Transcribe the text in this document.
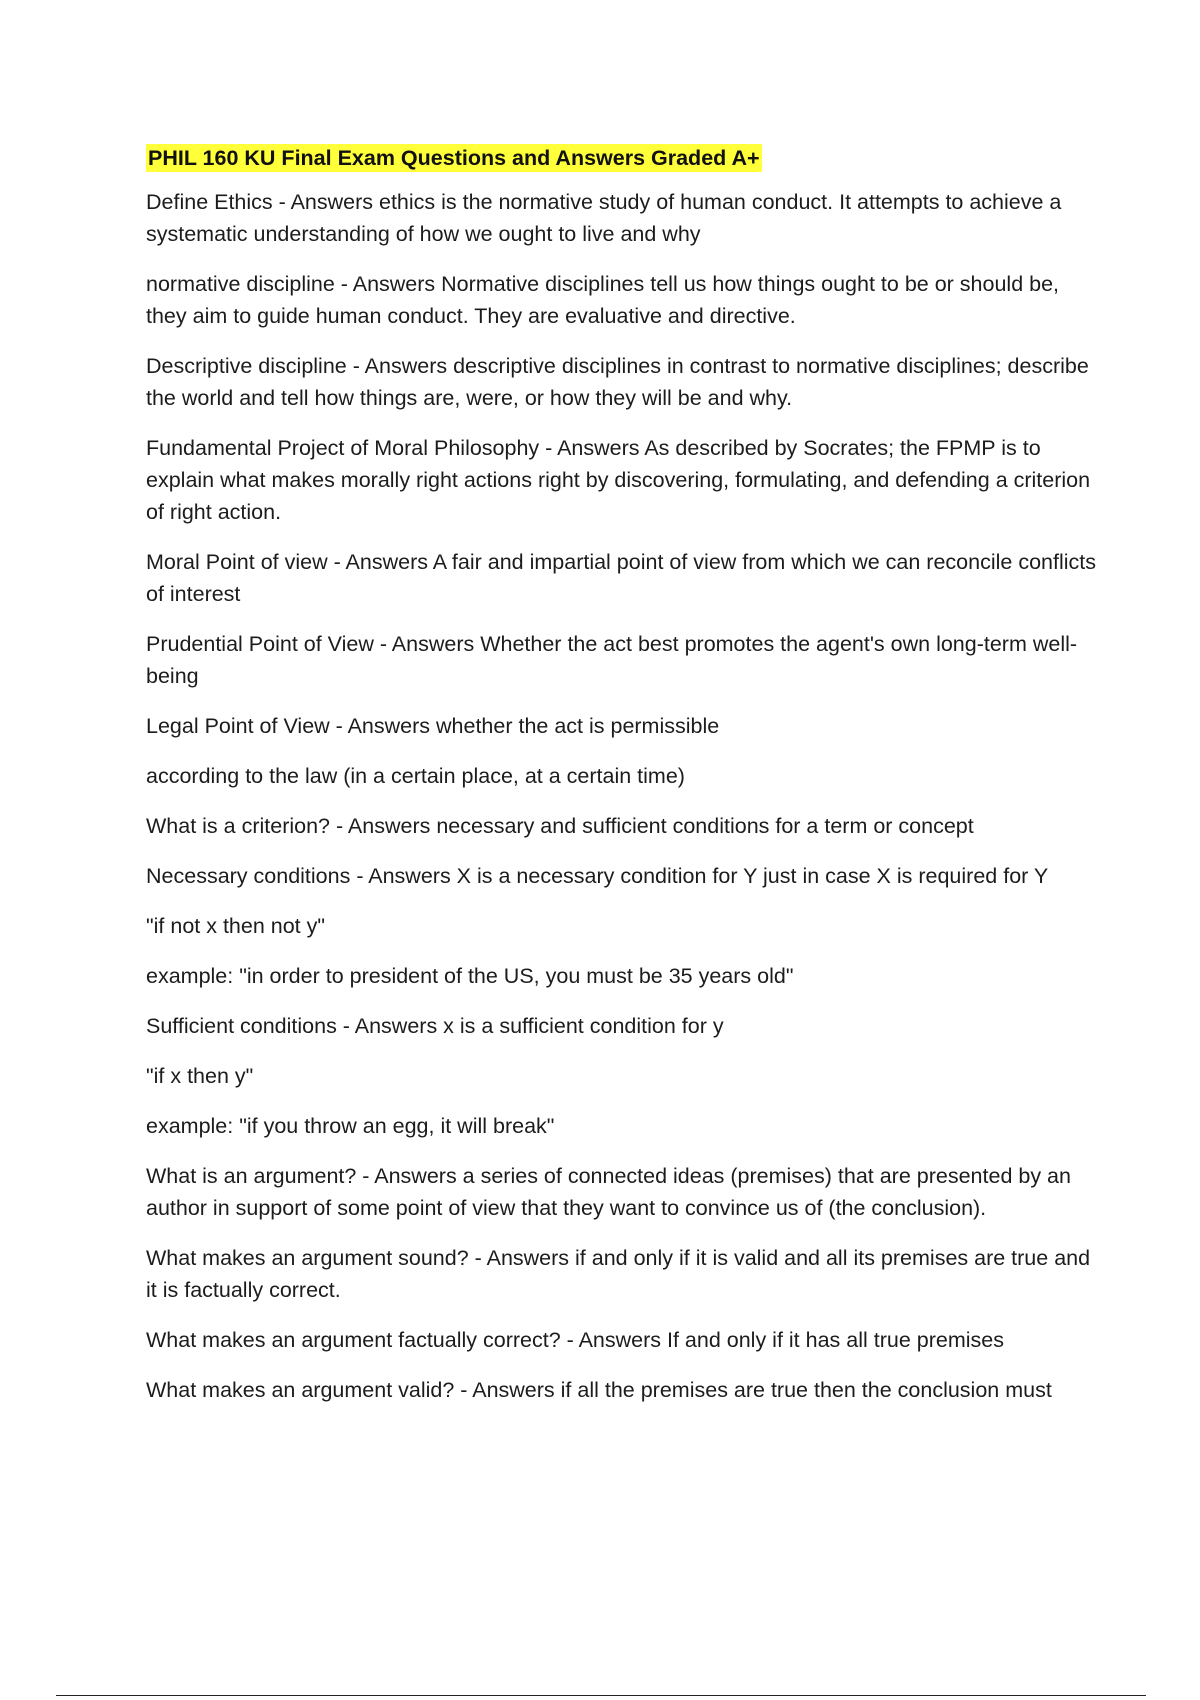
PHIL 160 KU Final Exam Questions and Answers Graded A+

Define Ethics - Answers ethics is the normative study of human conduct. It attempts to achieve a systematic understanding of how we ought to live and why

normative discipline - Answers Normative disciplines tell us how things ought to be or should be, they aim to guide human conduct. They are evaluative and directive.

Descriptive discipline - Answers descriptive disciplines in contrast to normative disciplines; describe the world and tell how things are, were, or how they will be and why.

Fundamental Project of Moral Philosophy - Answers As described by Socrates; the FPMP is to explain what makes morally right actions right by discovering, formulating, and defending a criterion of right action.

Moral Point of view - Answers A fair and impartial point of view from which we can reconcile conflicts of interest

Prudential Point of View - Answers Whether the act best promotes the agent's own long-term well-being

Legal Point of View - Answers whether the act is permissible

according to the law (in a certain place, at a certain time)

What is a criterion? - Answers necessary and sufficient conditions for a term or concept

Necessary conditions - Answers X is a necessary condition for Y just in case X is required for Y

"if not x then not y"

example: "in order to president of the US, you must be 35 years old"

Sufficient conditions - Answers x is a sufficient condition for y

"if x then y"

example: "if you throw an egg, it will break"

What is an argument? - Answers a series of connected ideas (premises) that are presented by an author in support of some point of view that they want to convince us of (the conclusion).

What makes an argument sound? - Answers if and only if it is valid and all its premises are true and it is factually correct.

What makes an argument factually correct? - Answers If and only if it has all true premises

What makes an argument valid? - Answers if all the premises are true then the conclusion must
